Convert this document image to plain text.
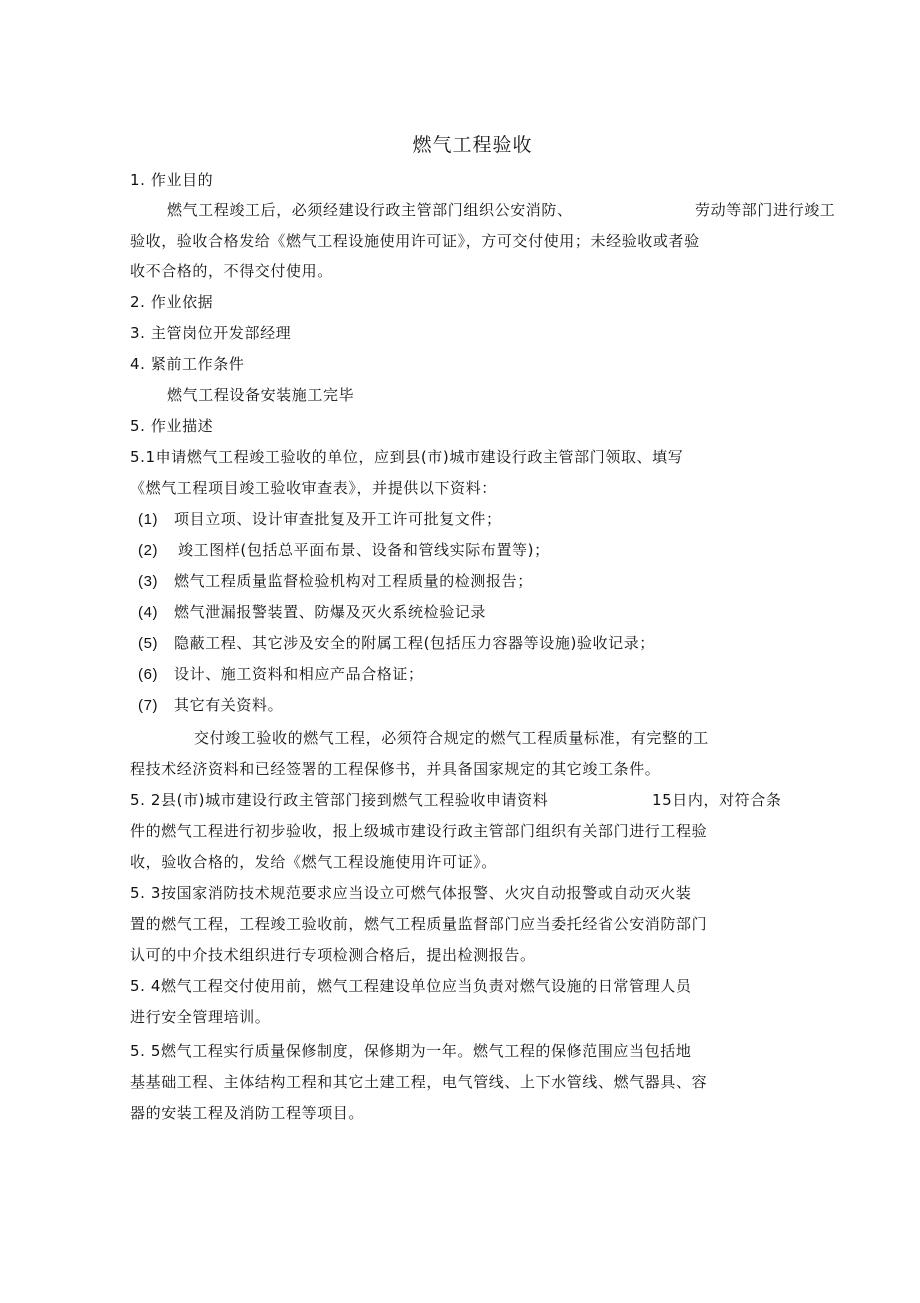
燃气工程验收
1. 作业目的
燃气工程竣工后，必须经建设行政主管部门组织公安消防、	劳动等部门进行竣工
验收，验收合格发给《燃气工程设施使用许可证》，方可交付使用；未经验收或者验
收不合格的，不得交付使用。
2. 作业依据
3. 主管岗位开发部经理
4. 紧前工作条件
燃气工程设备安装施工完毕
5. 作业描述
5.1申请燃气工程竣工验收的单位，应到县(市)城市建设行政主管部门领取、填写
《燃气工程项目竣工验收审查表》，并提供以下资料：
(1) 项目立项、设计审查批复及开工许可批复文件；
(2) 竣工图样(包括总平面布景、设备和管线实际布置等)；
(3) 燃气工程质量监督检验机构对工程质量的检测报告；
(4) 燃气泄漏报警装置、防爆及灭火系统检验记录
(5) 隐蔽工程、其它涉及安全的附属工程(包括压力容器等设施)验收记录；
(6) 设计、施工资料和相应产品合格证；
(7) 其它有关资料。
交付竣工验收的燃气工程，必须符合规定的燃气工程质量标准，有完整的工
程技术经济资料和已经签署的工程保修书，并具备国家规定的其它竣工条件。
5. 2县(市)城市建设行政主管部门接到燃气工程验收申请资料	15日内，对符合条
件的燃气工程进行初步验收，报上级城市建设行政主管部门组织有关部门进行工程验
收，验收合格的，发给《燃气工程设施使用许可证》。
5. 3按国家消防技术规范要求应当设立可燃气体报警、火灾自动报警或自动灭火装
置的燃气工程，工程竣工验收前，燃气工程质量监督部门应当委托经省公安消防部门
认可的中介技术组织进行专项检测合格后，提出检测报告。
5. 4燃气工程交付使用前，燃气工程建设单位应当负责对燃气设施的日常管理人员
进行安全管理培训。
5. 5燃气工程实行质量保修制度，保修期为一年。燃气工程的保修范围应当包括地
基基础工程、主体结构工程和其它土建工程，电气管线、上下水管线、燃气器具、容
器的安装工程及消防工程等项目。
